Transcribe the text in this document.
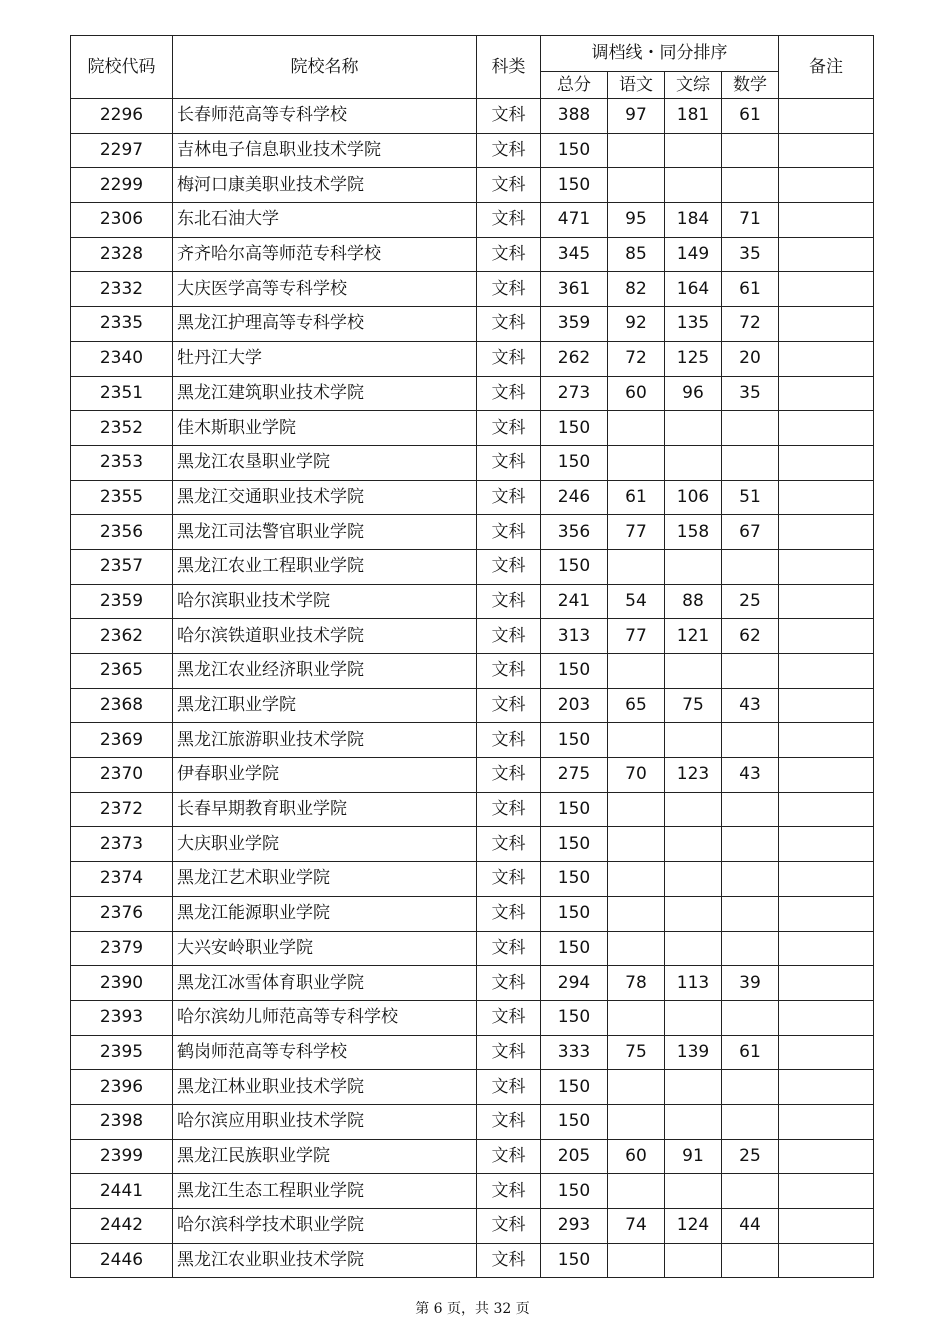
院校代码	院校名称	科类	调档线・同分排序				备注
			总分	语文	文综	数学	
2296	长春师范高等专科学校	文科	388	97	181	61	
2297	吉林电子信息职业技术学院	文科	150				
2299	梅河口康美职业技术学院	文科	150				
2306	东北石油大学	文科	471	95	184	71	
2328	齐齐哈尔高等师范专科学校	文科	345	85	149	35	
2332	大庆医学高等专科学校	文科	361	82	164	61	
2335	黑龙江护理高等专科学校	文科	359	92	135	72	
2340	牡丹江大学	文科	262	72	125	20	
2351	黑龙江建筑职业技术学院	文科	273	60	96	35	
2352	佳木斯职业学院	文科	150				
2353	黑龙江农垦职业学院	文科	150				
2355	黑龙江交通职业技术学院	文科	246	61	106	51	
2356	黑龙江司法警官职业学院	文科	356	77	158	67	
2357	黑龙江农业工程职业学院	文科	150				
2359	哈尔滨职业技术学院	文科	241	54	88	25	
2362	哈尔滨铁道职业技术学院	文科	313	77	121	62	
2365	黑龙江农业经济职业学院	文科	150				
2368	黑龙江职业学院	文科	203	65	75	43	
2369	黑龙江旅游职业技术学院	文科	150				
2370	伊春职业学院	文科	275	70	123	43	
2372	长春早期教育职业学院	文科	150				
2373	大庆职业学院	文科	150				
2374	黑龙江艺术职业学院	文科	150				
2376	黑龙江能源职业学院	文科	150				
2379	大兴安岭职业学院	文科	150				
2390	黑龙江冰雪体育职业学院	文科	294	78	113	39	
2393	哈尔滨幼儿师范高等专科学校	文科	150				
2395	鹤岗师范高等专科学校	文科	333	75	139	61	
2396	黑龙江林业职业技术学院	文科	150				
2398	哈尔滨应用职业技术学院	文科	150				
2399	黑龙江民族职业学院	文科	205	60	91	25	
2441	黑龙江生态工程职业学院	文科	150				
2442	哈尔滨科学技术职业学院	文科	293	74	124	44	
2446	黑龙江农业职业技术学院	文科	150				
第 6 页，共 32 页
